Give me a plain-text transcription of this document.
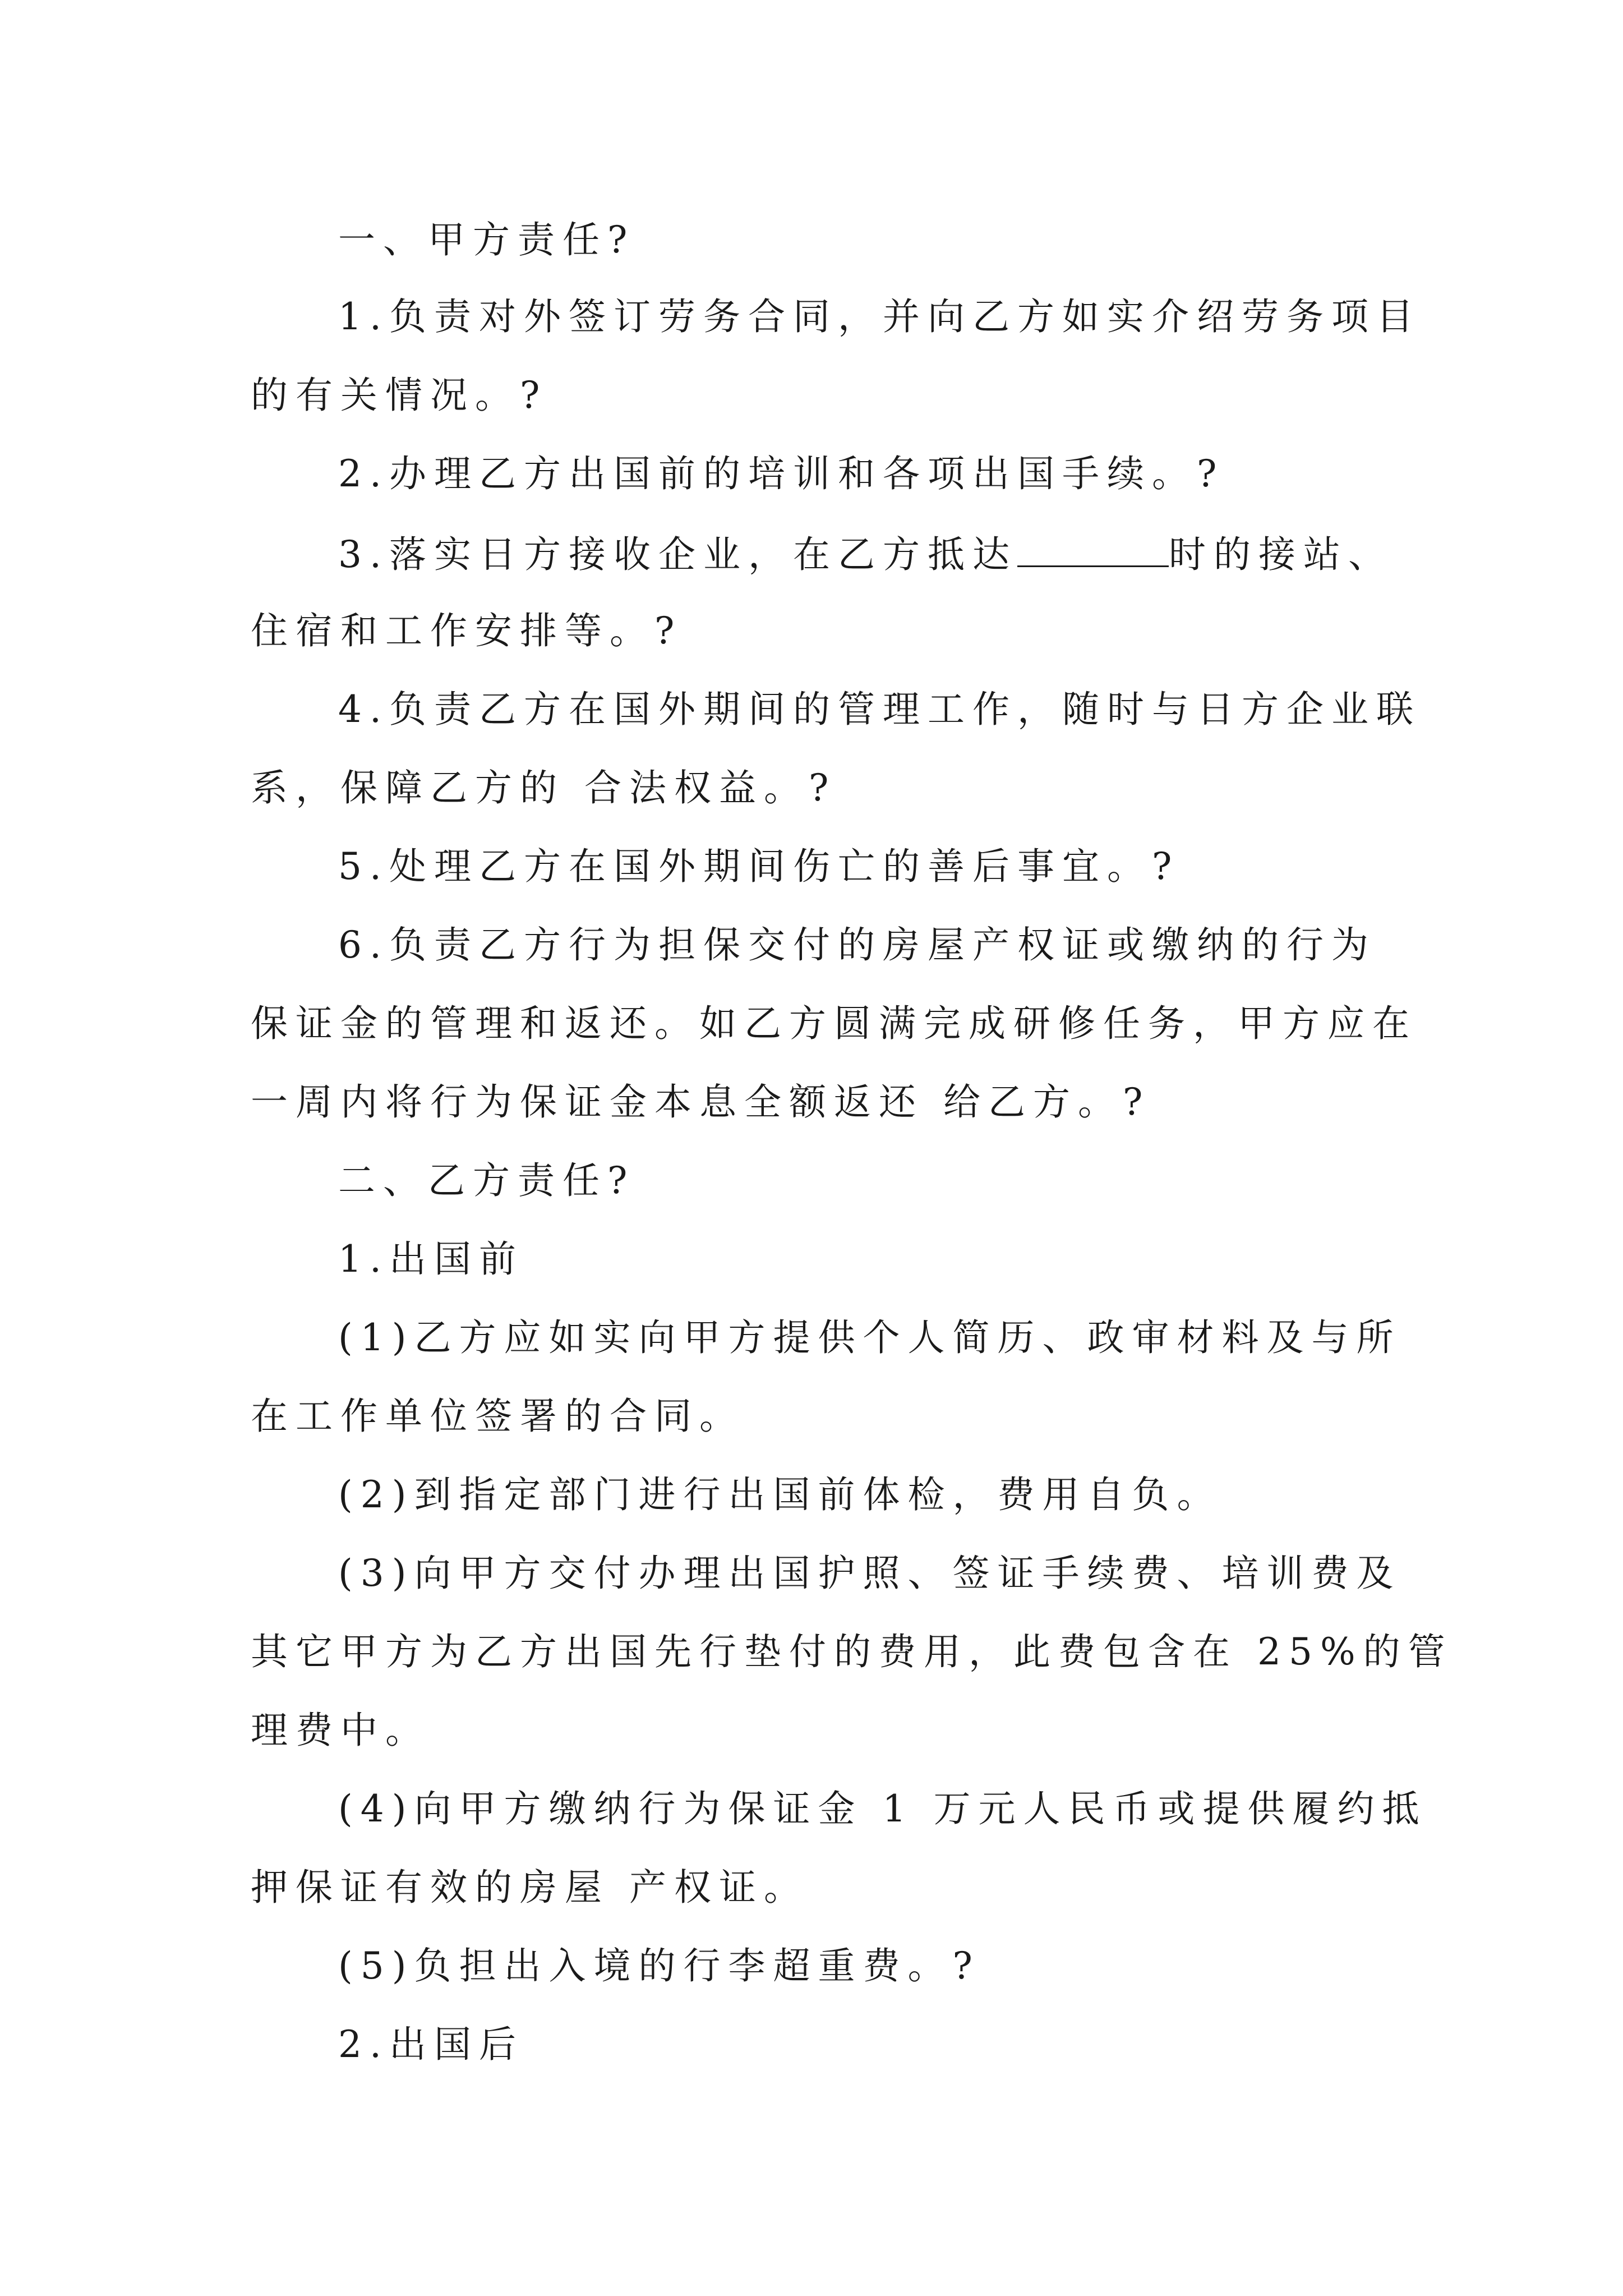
一、甲方责任?
1.负责对外签订劳务合同，并向乙方如实介绍劳务项目
的有关情况。?
2.办理乙方出国前的培训和各项出国手续。?
3.落实日方接收企业，在乙方抵达	时的接站、
住宿和工作安排等。?
4.负责乙方在国外期间的管理工作，随时与日方企业联
系，保障乙方的 合法权益。?
5.处理乙方在国外期间伤亡的善后事宜。?
6.负责乙方行为担保交付的房屋产权证或缴纳的行为
保证金的管理和返还。如乙方圆满完成研修任务，甲方应在
一周内将行为保证金本息全额返还 给乙方。?
二、乙方责任?
1.出国前
(1)乙方应如实向甲方提供个人简历、政审材料及与所
在工作单位签署的合同。
(2)到指定部门进行出国前体检，费用自负。
(3)向甲方交付办理出国护照、签证手续费、培训费及
其它甲方为乙方出国先行垫付的费用，此费包含在 25%的管
理费中。
(4)向甲方缴纳行为保证金 1 万元人民币或提供履约抵
押保证有效的房屋 产权证。
(5)负担出入境的行李超重费。?
2.出国后
